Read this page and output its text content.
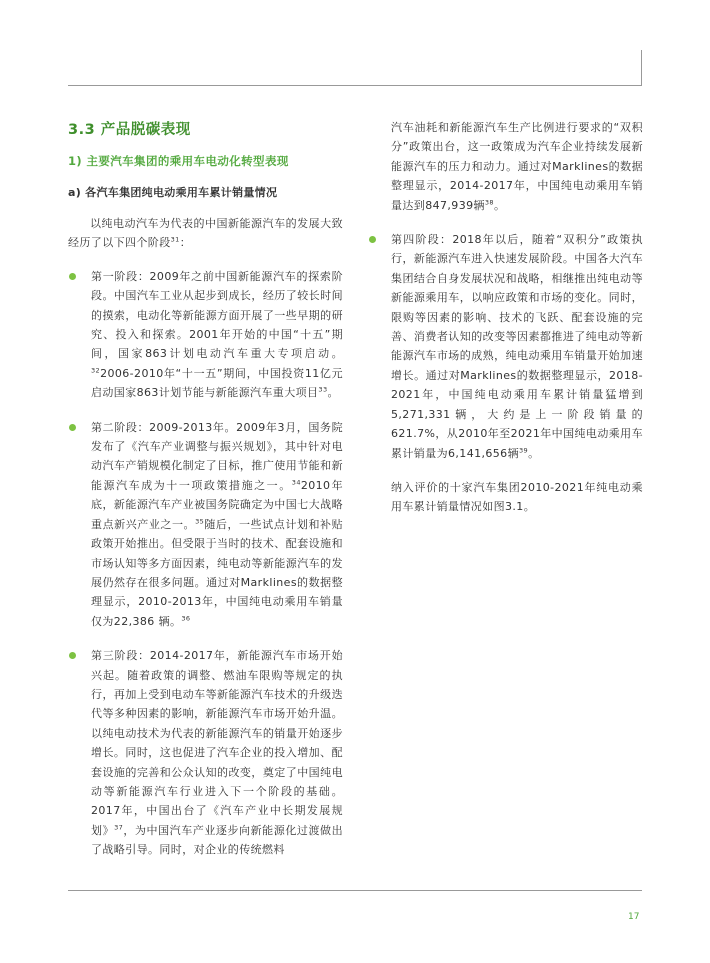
3.3 产品脱碳表现
1) 主要汽车集团的乘用车电动化转型表现
a) 各汽车集团纯电动乘用车累计销量情况

以纯电动汽车为代表的中国新能源汽车的发展大致经历了以下四个阶段$^{31}$：

第一阶段：2009年之前中国新能源汽车的探索阶段。中国汽车工业从起步到成长，经历了较长时间的摸索，电动化等新能源方面开展了一些早期的研究、投入和探索。2001年开始的中国“十五”期间，国家863计划电动汽车重大专项启动。$^{32}$2006-2010年“十一五”期间，中国投资11亿元启动国家863计划节能与新能源汽车重大项目$^{33}$。

第二阶段：2009-2013年。2009年3月，国务院发布了《汽车产业调整与振兴规划》，其中针对电动汽车产销规模化制定了目标，推广使用节能和新能源汽车成为十一项政策措施之一。$^{34}$2010年底，新能源汽车产业被国务院确定为中国七大战略重点新兴产业之一。$^{35}$随后，一些试点计划和补贴政策开始推出。但受限于当时的技术、配套设施和市场认知等多方面因素，纯电动等新能源汽车的发展仍然存在很多问题。通过对Marklines的数据整理显示，2010-2013年，中国纯电动乘用车销量仅为22,386 辆。$^{36}$

第三阶段：2014-2017年，新能源汽车市场开始兴起。随着政策的调整、燃油车限购等规定的执行，再加上受到电动车等新能源汽车技术的升级迭代等多种因素的影响，新能源汽车市场开始升温。以纯电动技术为代表的新能源汽车的销量开始逐步增长。同时，这也促进了汽车企业的投入增加、配套设施的完善和公众认知的改变，奠定了中国纯电动等新能源汽车行业进入下一个阶段的基础。2017年，中国出台了《汽车产业中长期发展规划》$^{37}$，为中国汽车产业逐步向新能源化过渡做出了战略引导。同时，对企业的传统燃料

汽车油耗和新能源汽车生产比例进行要求的“双积分”政策出台，这一政策成为汽车企业持续发展新能源汽车的压力和动力。通过对Marklines的数据整理显示，2014-2017年，中国纯电动乘用车销量达到847,939辆$^{38}$。

第四阶段：2018年以后，随着“双积分”政策执行，新能源汽车进入快速发展阶段。中国各大汽车集团结合自身发展状况和战略，相继推出纯电动等新能源乘用车，以响应政策和市场的变化。同时，限购等因素的影响、技术的飞跃、配套设施的完善、消费者认知的改变等因素都推进了纯电动等新能源汽车市场的成熟，纯电动乘用车销量开始加速增长。通过对Marklines的数据整理显示，2018-2021年，中国纯电动乘用车累计销量猛增到5,271,331辆，大约是上一阶段销量的621.7%，从2010年至2021年中国纯电动乘用车累计销量为6,141,656辆$^{39}$。

纳入评价的十家汽车集团2010-2021年纯电动乘用车累计销量情况如图3.1。

17
